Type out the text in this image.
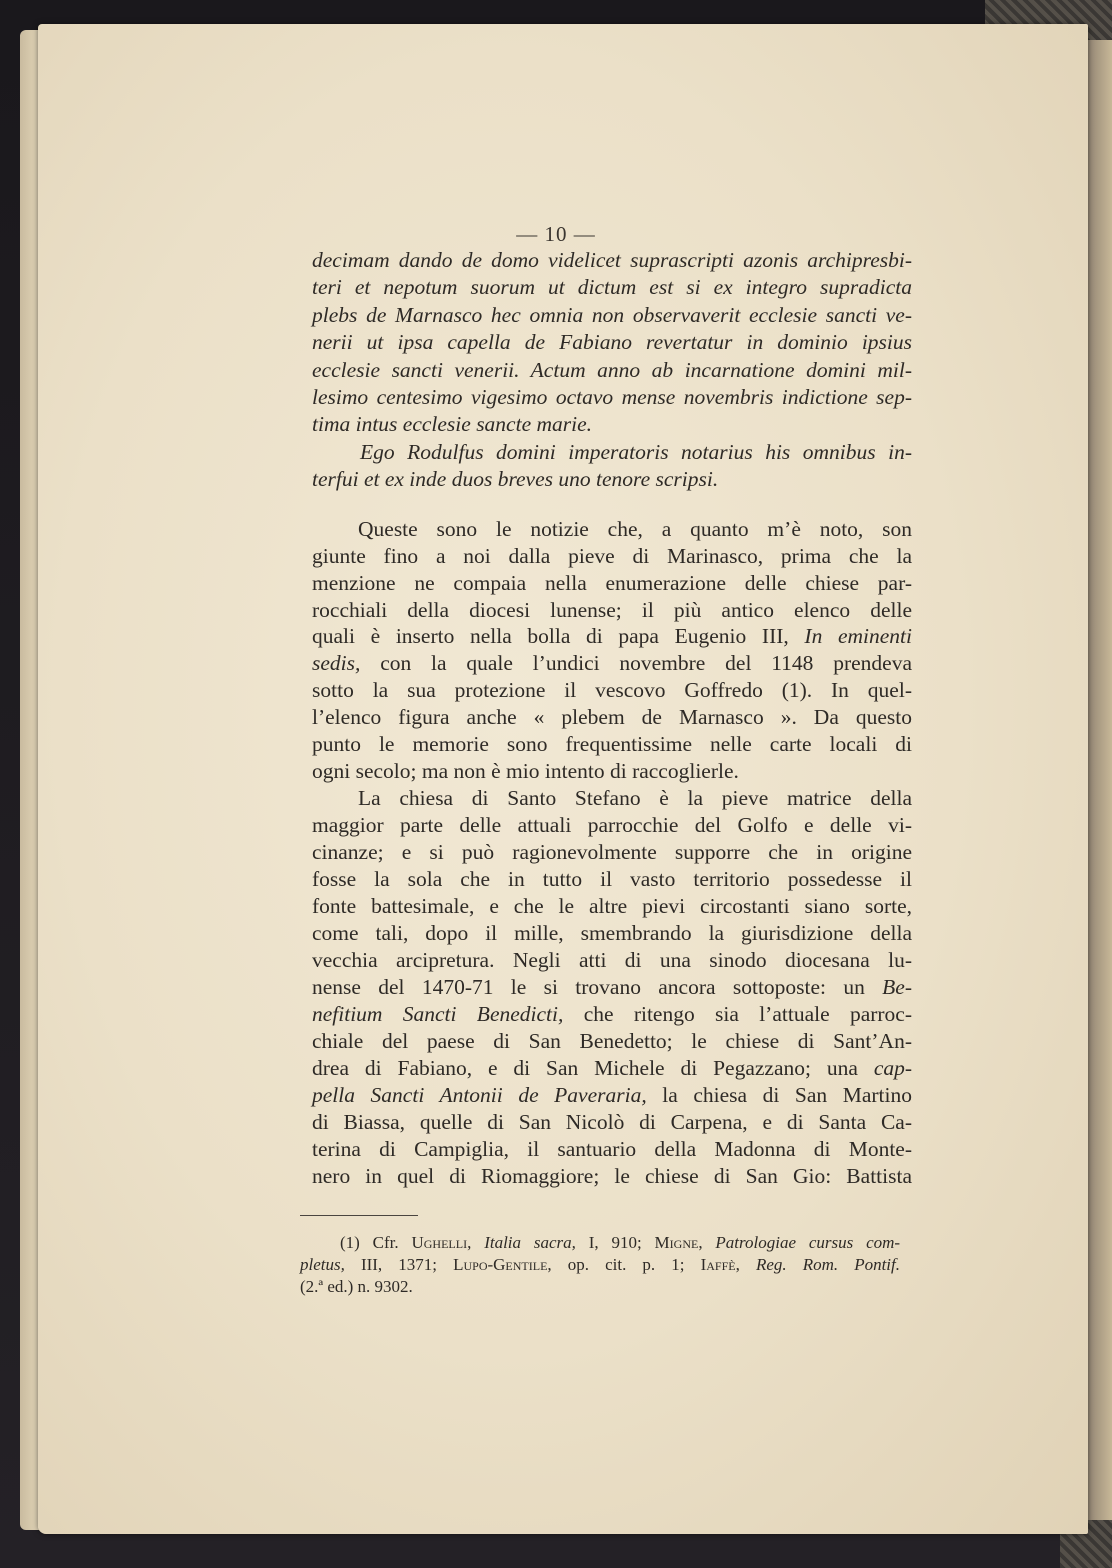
— 10 —
decimam dando de domo videlicet suprascripti azonis archipresbi-
teri et nepotum suorum ut dictum est si ex integro supradicta
plebs de Marnasco hec omnia non observaverit ecclesie sancti ve-
nerii ut ipsa capella de Fabiano revertatur in dominio ipsius
ecclesie sancti venerii. Actum anno ab incarnatione domini mil-
lesimo centesimo vigesimo octavo mense novembris indictione sep-
tima intus ecclesie sancte marie.
Ego Rodulfus domini imperatoris notarius his omnibus in-
terfui et ex inde duos breves uno tenore scripsi.
Queste sono le notizie che, a quanto m’è noto, son
giunte fino a noi dalla pieve di Marinasco, prima che la
menzione ne compaia nella enumerazione delle chiese par-
rocchiali della diocesi lunense; il più antico elenco delle
quali è inserto nella bolla di papa Eugenio III, In eminenti
sedis, con la quale l’undici novembre del 1148 prendeva
sotto la sua protezione il vescovo Goffredo (1). In quel-
l’elenco figura anche « plebem de Marnasco ». Da questo
punto le memorie sono frequentissime nelle carte locali di
ogni secolo; ma non è mio intento di raccoglierle.
La chiesa di Santo Stefano è la pieve matrice della
maggior parte delle attuali parrocchie del Golfo e delle vi-
cinanze; e si può ragionevolmente supporre che in origine
fosse la sola che in tutto il vasto territorio possedesse il
fonte battesimale, e che le altre pievi circostanti siano sorte,
come tali, dopo il mille, smembrando la giurisdizione della
vecchia arcipretura. Negli atti di una sinodo diocesana lu-
nense del 1470-71 le si trovano ancora sottoposte: un Be-
nefitium Sancti Benedicti, che ritengo sia l’attuale parroc-
chiale del paese di San Benedetto; le chiese di Sant’An-
drea di Fabiano, e di San Michele di Pegazzano; una cap-
pella Sancti Antonii de Paveraria, la chiesa di San Martino
di Biassa, quelle di San Nicolò di Carpena, e di Santa Ca-
terina di Campiglia, il santuario della Madonna di Monte-
nero in quel di Riomaggiore; le chiese di San Gio: Battista
(1) Cfr. Ughelli, Italia sacra, I, 910; Migne, Patrologiae cursus com-
pletus, III, 1371; Lupo-Gentile, op. cit. p. 1; Iaffè, Reg. Rom. Pontif.
(2.ª ed.) n. 9302.
